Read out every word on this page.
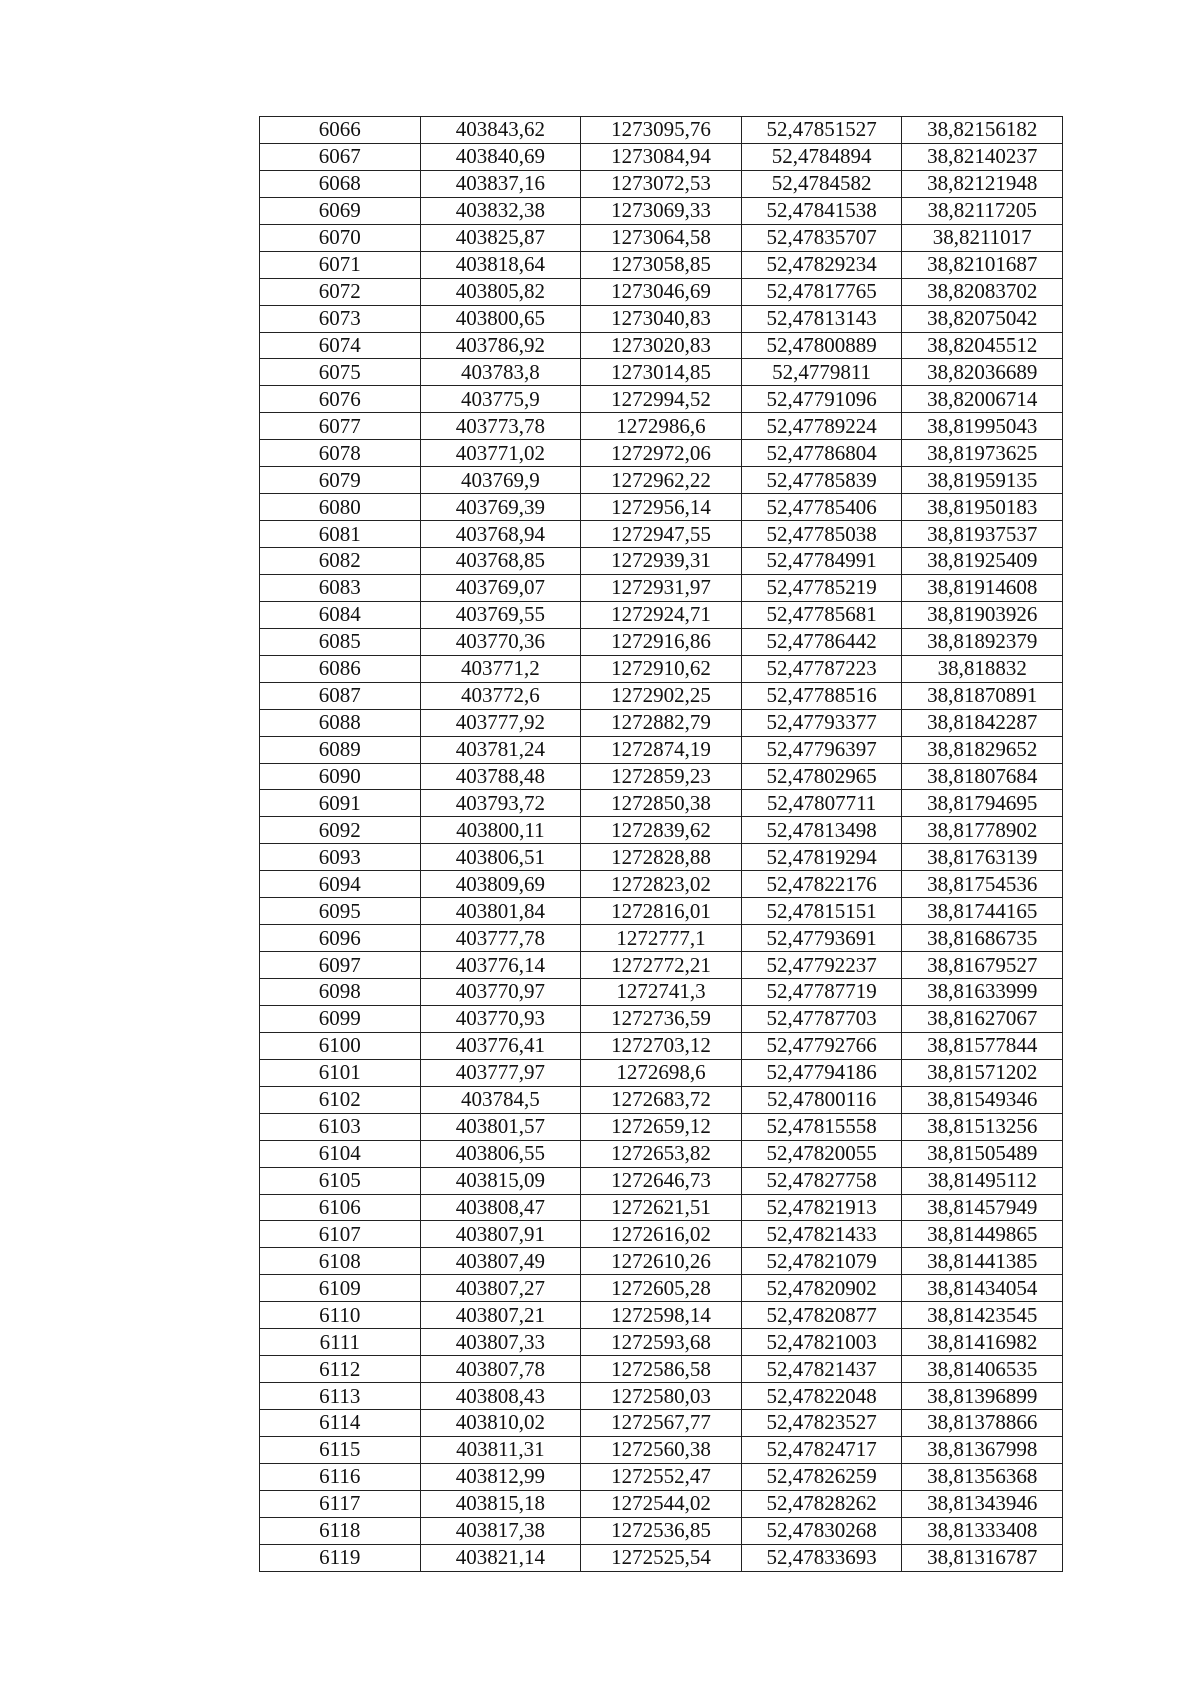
6066	403843,62	1273095,76	52,47851527	38,82156182
6067	403840,69	1273084,94	52,4784894	38,82140237
6068	403837,16	1273072,53	52,4784582	38,82121948
6069	403832,38	1273069,33	52,47841538	38,82117205
6070	403825,87	1273064,58	52,47835707	38,8211017
6071	403818,64	1273058,85	52,47829234	38,82101687
6072	403805,82	1273046,69	52,47817765	38,82083702
6073	403800,65	1273040,83	52,47813143	38,82075042
6074	403786,92	1273020,83	52,47800889	38,82045512
6075	403783,8	1273014,85	52,4779811	38,82036689
6076	403775,9	1272994,52	52,47791096	38,82006714
6077	403773,78	1272986,6	52,47789224	38,81995043
6078	403771,02	1272972,06	52,47786804	38,81973625
6079	403769,9	1272962,22	52,47785839	38,81959135
6080	403769,39	1272956,14	52,47785406	38,81950183
6081	403768,94	1272947,55	52,47785038	38,81937537
6082	403768,85	1272939,31	52,47784991	38,81925409
6083	403769,07	1272931,97	52,47785219	38,81914608
6084	403769,55	1272924,71	52,47785681	38,81903926
6085	403770,36	1272916,86	52,47786442	38,81892379
6086	403771,2	1272910,62	52,47787223	38,818832
6087	403772,6	1272902,25	52,47788516	38,81870891
6088	403777,92	1272882,79	52,47793377	38,81842287
6089	403781,24	1272874,19	52,47796397	38,81829652
6090	403788,48	1272859,23	52,47802965	38,81807684
6091	403793,72	1272850,38	52,47807711	38,81794695
6092	403800,11	1272839,62	52,47813498	38,81778902
6093	403806,51	1272828,88	52,47819294	38,81763139
6094	403809,69	1272823,02	52,47822176	38,81754536
6095	403801,84	1272816,01	52,47815151	38,81744165
6096	403777,78	1272777,1	52,47793691	38,81686735
6097	403776,14	1272772,21	52,47792237	38,81679527
6098	403770,97	1272741,3	52,47787719	38,81633999
6099	403770,93	1272736,59	52,47787703	38,81627067
6100	403776,41	1272703,12	52,47792766	38,81577844
6101	403777,97	1272698,6	52,47794186	38,81571202
6102	403784,5	1272683,72	52,47800116	38,81549346
6103	403801,57	1272659,12	52,47815558	38,81513256
6104	403806,55	1272653,82	52,47820055	38,81505489
6105	403815,09	1272646,73	52,47827758	38,81495112
6106	403808,47	1272621,51	52,47821913	38,81457949
6107	403807,91	1272616,02	52,47821433	38,81449865
6108	403807,49	1272610,26	52,47821079	38,81441385
6109	403807,27	1272605,28	52,47820902	38,81434054
6110	403807,21	1272598,14	52,47820877	38,81423545
6111	403807,33	1272593,68	52,47821003	38,81416982
6112	403807,78	1272586,58	52,47821437	38,81406535
6113	403808,43	1272580,03	52,47822048	38,81396899
6114	403810,02	1272567,77	52,47823527	38,81378866
6115	403811,31	1272560,38	52,47824717	38,81367998
6116	403812,99	1272552,47	52,47826259	38,81356368
6117	403815,18	1272544,02	52,47828262	38,81343946
6118	403817,38	1272536,85	52,47830268	38,81333408
6119	403821,14	1272525,54	52,47833693	38,81316787
